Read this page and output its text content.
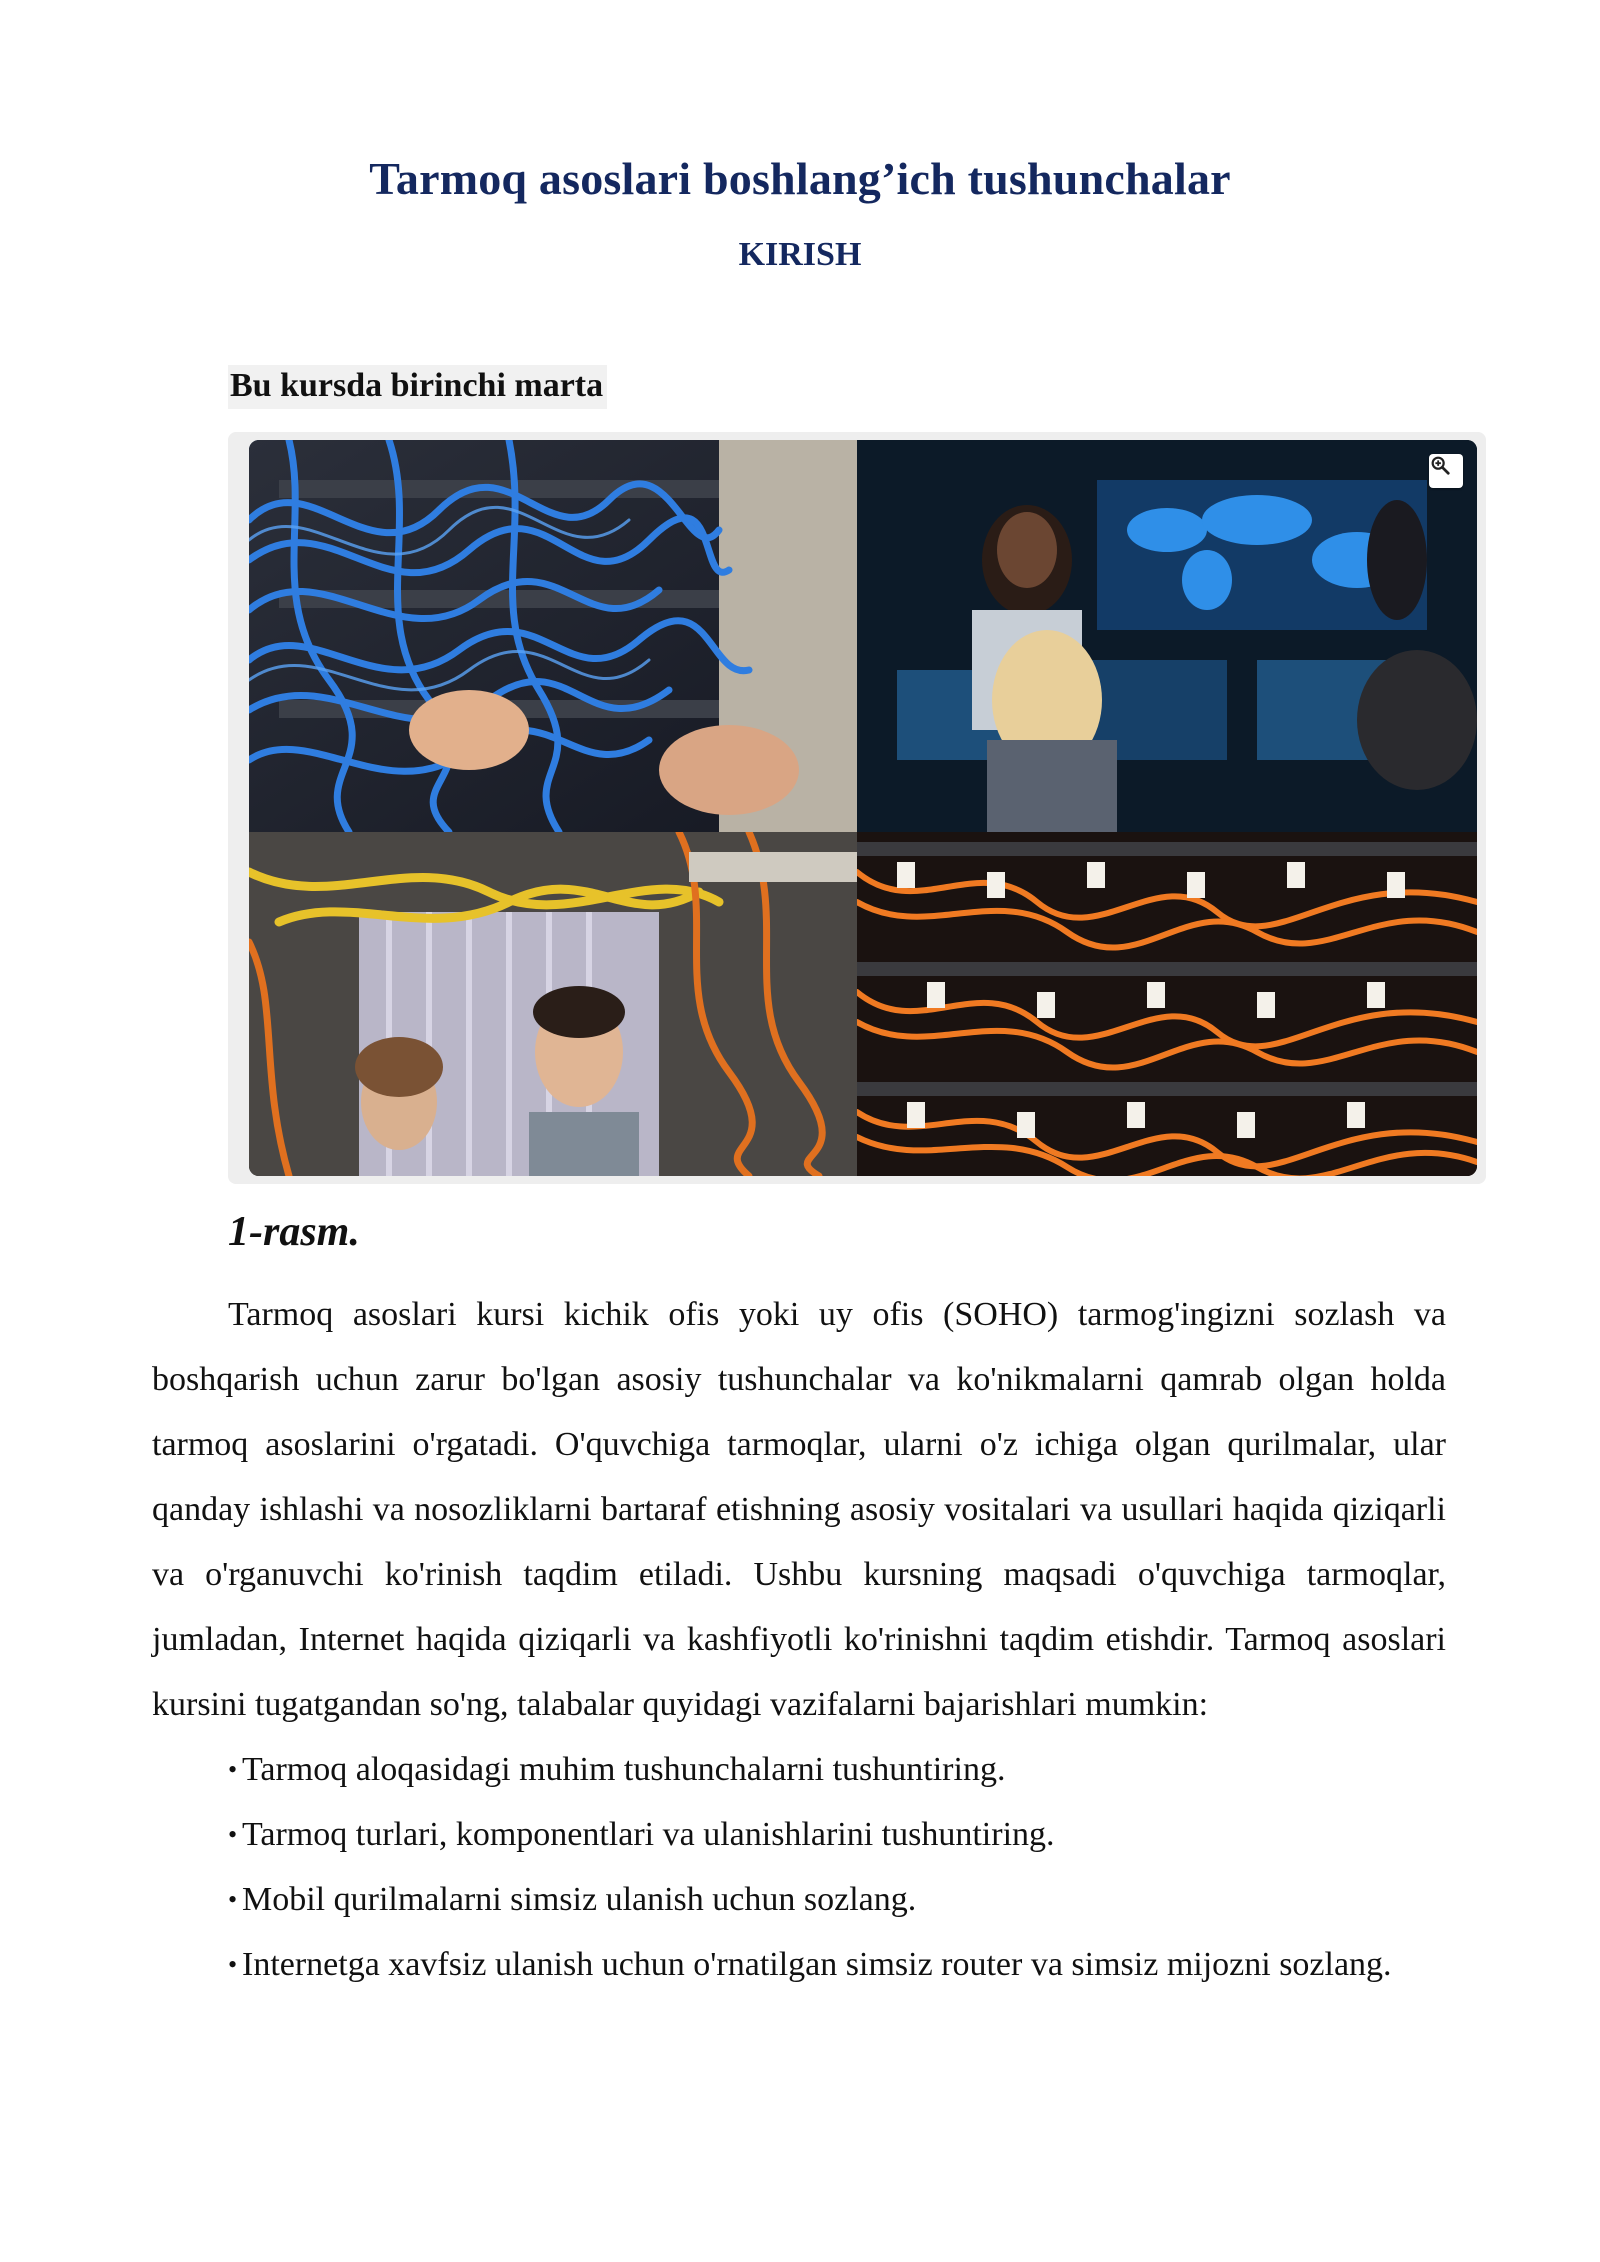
Tarmoq asoslari boshlang’ich tushunchalar
KIRISH
Bu kursda birinchi marta
1-rasm.

Tarmoq asoslari kursi kichik ofis yoki uy ofis (SOHO) tarmog'ingizni sozlash va boshqarish uchun zarur bo'lgan asosiy tushunchalar va ko'nikmalarni qamrab olgan holda tarmoq asoslarini o'rgatadi. O'quvchiga tarmoqlar, ularni o'z ichiga olgan qurilmalar, ular qanday ishlashi va nosozliklarni bartaraf etishning asosiy vositalari va usullari haqida qiziqarli va o'rganuvchi ko'rinish taqdim etiladi. Ushbu kursning maqsadi o'quvchiga tarmoqlar, jumladan, Internet haqida qiziqarli va kashfiyotli ko'rinishni taqdim etishdir. Tarmoq asoslari kursini tugatgandan so'ng, talabalar quyidagi vazifalarni bajarishlari mumkin:

• Tarmoq aloqasidagi muhim tushunchalarni tushuntiring.
• Tarmoq turlari, komponentlari va ulanishlarini tushuntiring.
• Mobil qurilmalarni simsiz ulanish uchun sozlang.
• Internetga xavfsiz ulanish uchun o'rnatilgan simsiz router va simsiz mijozni sozlang.
